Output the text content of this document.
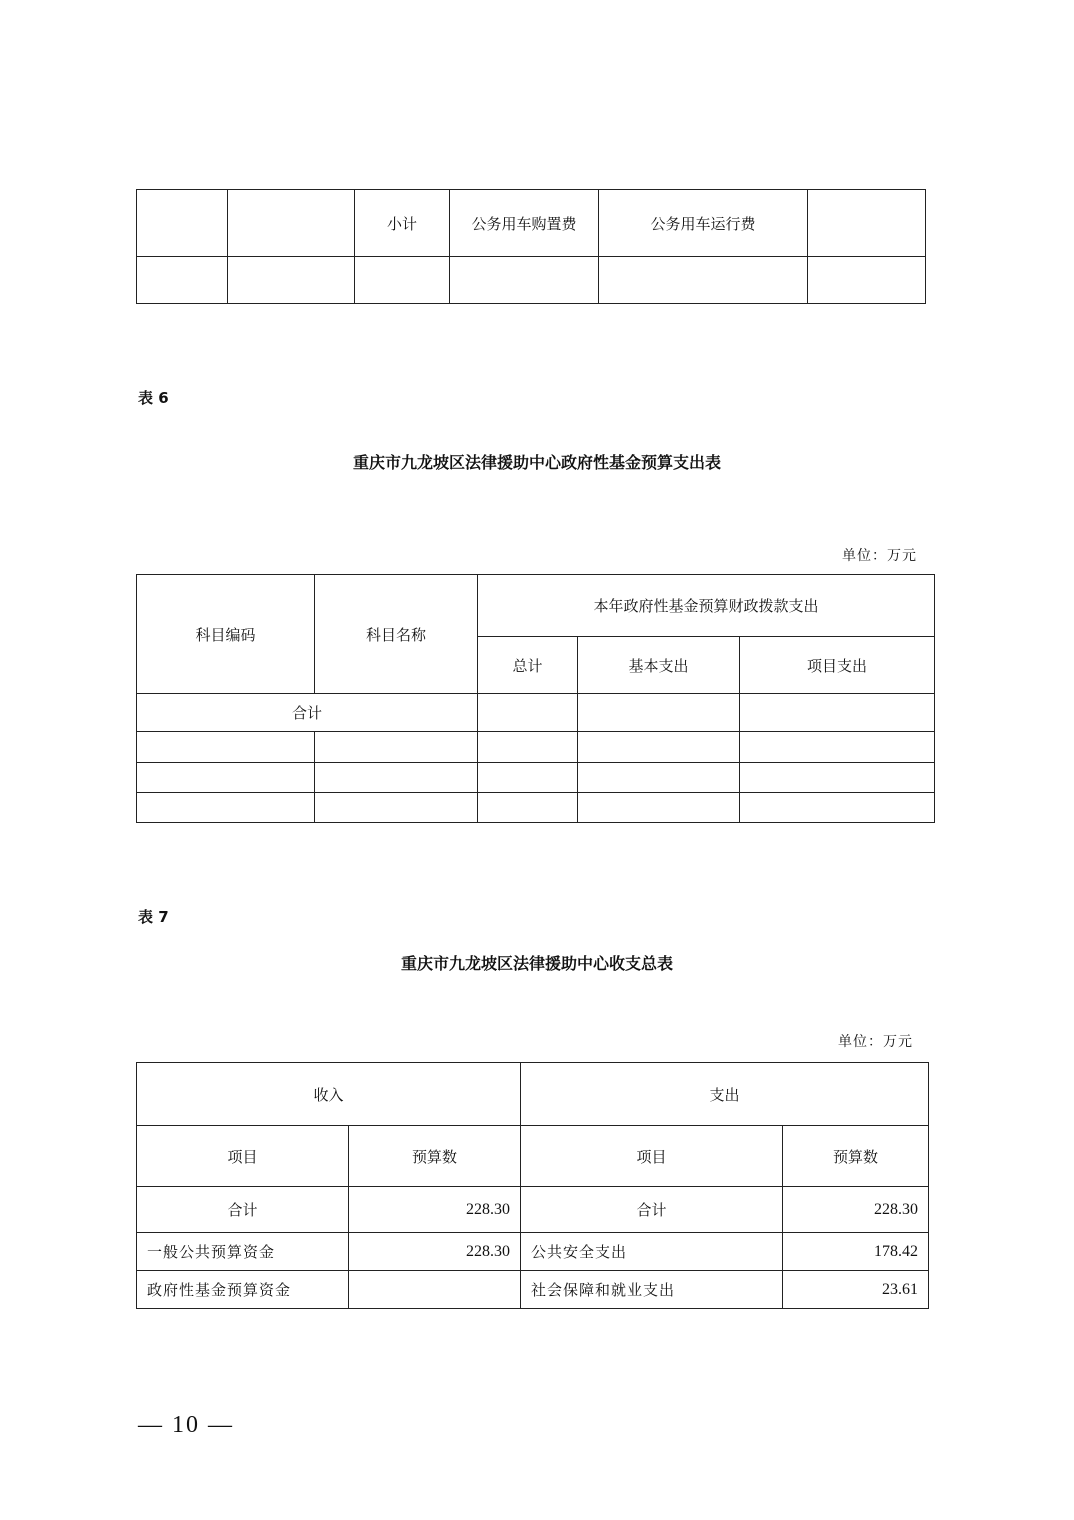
		小计	公务用车购置费	公务用车运行费	

表 6
重庆市九龙坡区法律援助中心政府性基金预算支出表
单位：万元
科目编码	科目名称	本年政府性基金预算财政拨款支出		
		总计	基本支出	项目支出
合计				

表 7
重庆市九龙坡区法律援助中心收支总表
单位：万元
收入		支出	
项目	预算数	项目	预算数
合计	228.30	合计	228.30
一般公共预算资金	228.30	公共安全支出	178.42
政府性基金预算资金		社会保障和就业支出	23.61
— 10 —
